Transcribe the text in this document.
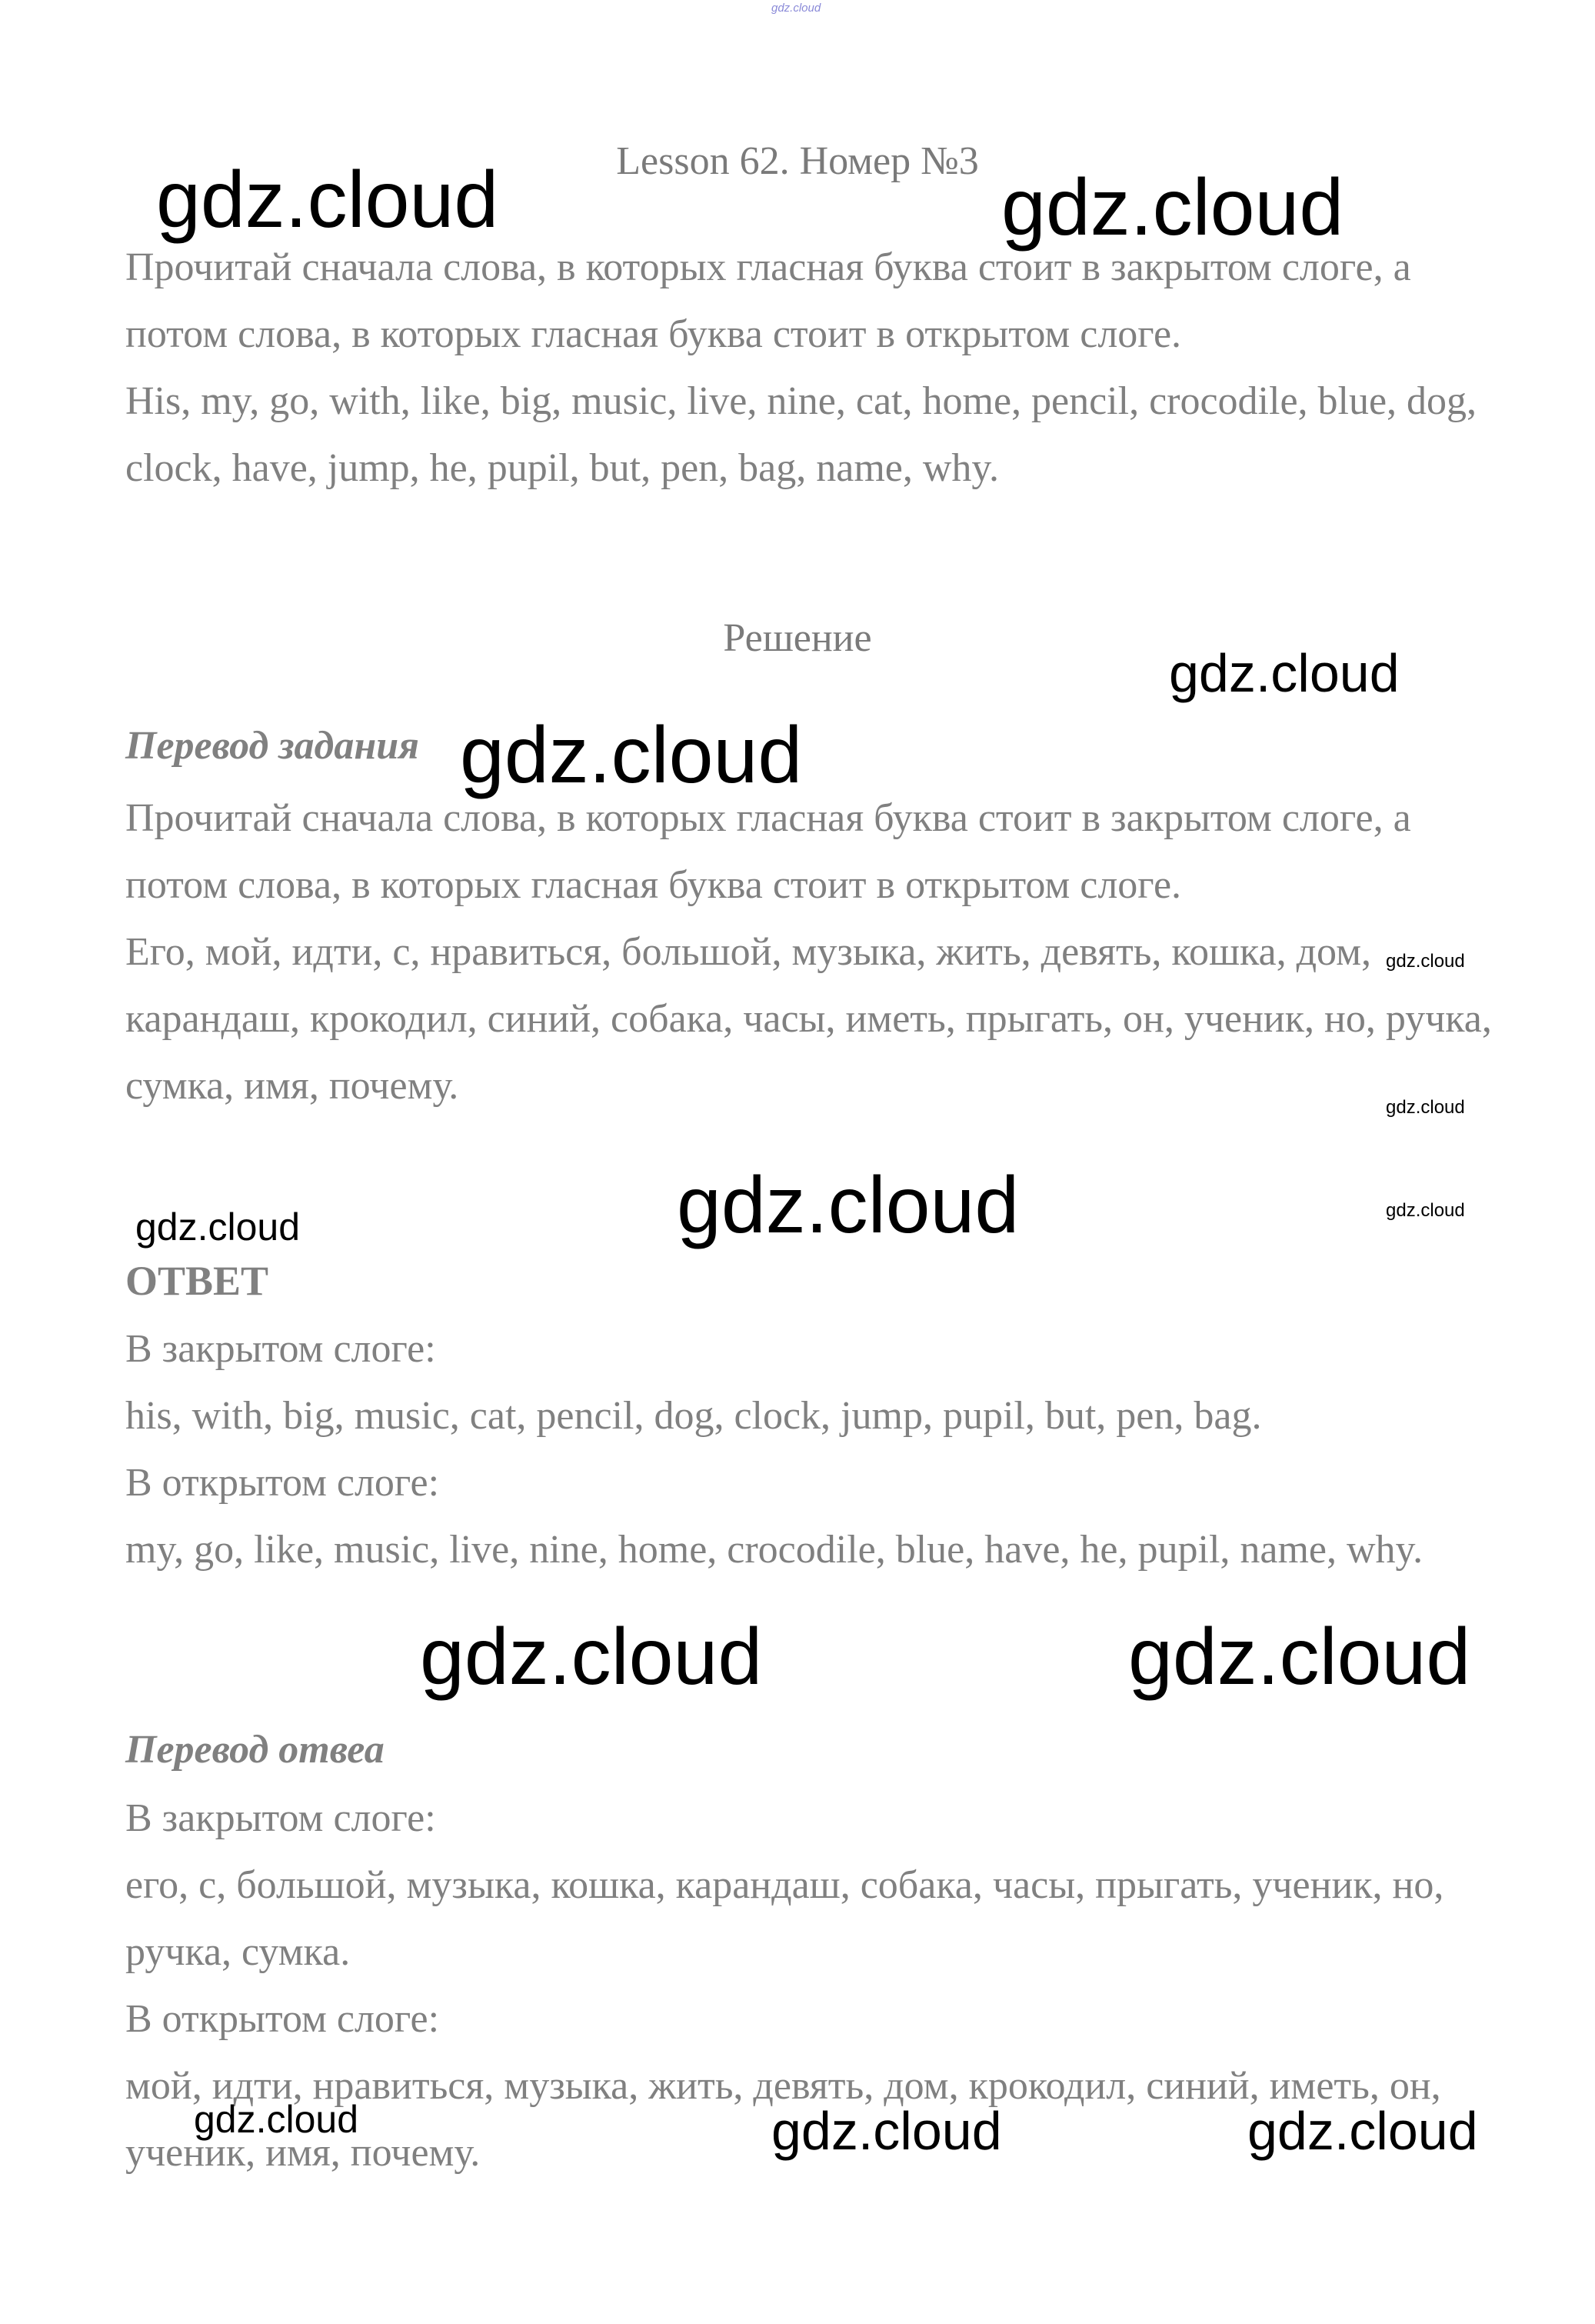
gdz.cloud
Lesson 62. Номер №3

Прочитай сначала слова, в которых гласная буква стоит в закрытом слоге, а потом слова, в которых гласная буква стоит в открытом слоге.

His, my, go, with, like, big, music, live, nine, cat, home, pencil, crocodile, blue, dog, clock, have, jump, he, pupil, but, pen, bag, name, why.

Решение
Перевод задания

Прочитай сначала слова, в которых гласная буква стоит в закрытом слоге, а потом слова, в которых гласная буква стоит в открытом слоге.

Его, мой, идти, с, нравиться, большой, музыка, жить, девять, кошка, дом, карандаш, крокодил, синий, собака, часы, иметь, прыгать, он, ученик, но, ручка, сумка, имя, почему.

ОТВЕТ

В закрытом слоге:

his, with, big, music, cat, pencil, dog, clock, jump, pupil, but, pen, bag.

В открытом слоге:

my, go, like, music, live, nine, home, crocodile, blue, have, he, pupil, name, why.

Перевод отвеа

В закрытом слоге:

его, с, большой, музыка, кошка, карандаш, собака, часы, прыгать, ученик, но, ручка, сумка.

В открытом слоге:

мой, идти, нравиться, музыка, жить, девять, дом, крокодил, синий, иметь, он, ученик, имя, почему.

gdz.cloud	gdz.cloud
gdz.cloud
gdz.cloud
gdz.cloud
gdz.cloud
gdz.cloud	gdz.cloud
gdz.cloud
gdz.cloud	gdz.cloud
gdz.cloud	gdz.cloud	gdz.cloud
